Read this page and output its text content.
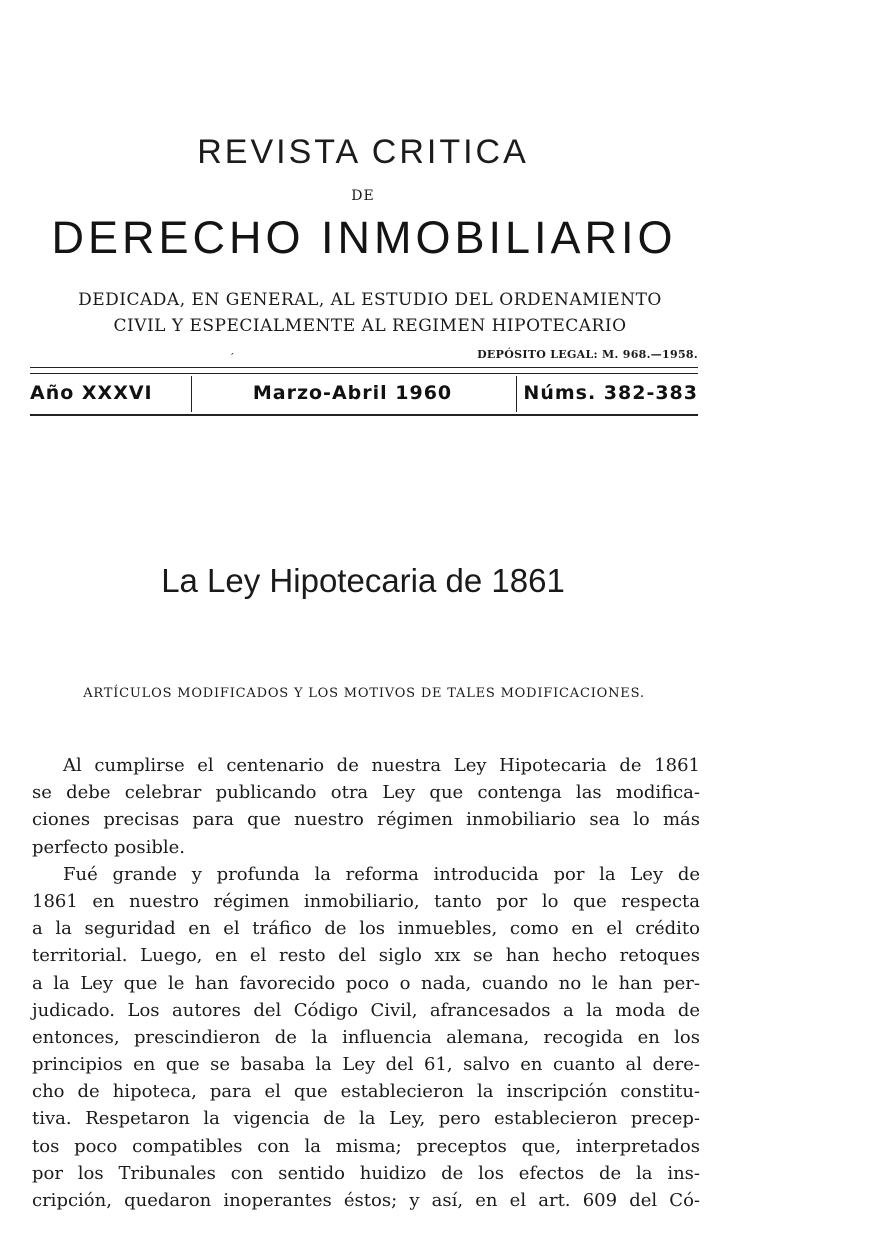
REVISTA CRITICA
DE
DERECHO INMOBILIARIO
DEDICADA, EN GENERAL, AL ESTUDIO DEL ORDENAMIENTO
CIVIL Y ESPECIALMENTE AL REGIMEN HIPOTECARIO
´	DEPÓSITO LEGAL: M. 968.—1958.
Año XXXVI	Marzo-Abril 1960	Núms. 382-383
La Ley Hipotecaria de 1861
ARTÍCULOS MODIFICADOS Y LOS MOTIVOS DE TALES MODIFICACIONES.
Al cumplirse el centenario de nuestra Ley Hipotecaria de 1861
se debe celebrar publicando otra Ley que contenga las modifica-
ciones precisas para que nuestro régimen inmobiliario sea lo más
perfecto posible.
Fué grande y profunda la reforma introducida por la Ley de
1861 en nuestro régimen inmobiliario, tanto por lo que respecta
a la seguridad en el tráfico de los inmuebles, como en el crédito
territorial. Luego, en el resto del siglo xɪx se han hecho retoques
a la Ley que le han favorecido poco o nada, cuando no le han per-
judicado. Los autores del Código Civil, afrancesados a la moda de
entonces, prescindieron de la influencia alemana, recogida en los
principios en que se basaba la Ley del 61, salvo en cuanto al dere-
cho de hipoteca, para el que establecieron la inscripción constitu-
tiva. Respetaron la vigencia de la Ley, pero establecieron precep-
tos poco compatibles con la misma; preceptos que, interpretados
por los Tribunales con sentido huidizo de los efectos de la ins-
cripción, quedaron inoperantes éstos; y así, en el art. 609 del Có-
